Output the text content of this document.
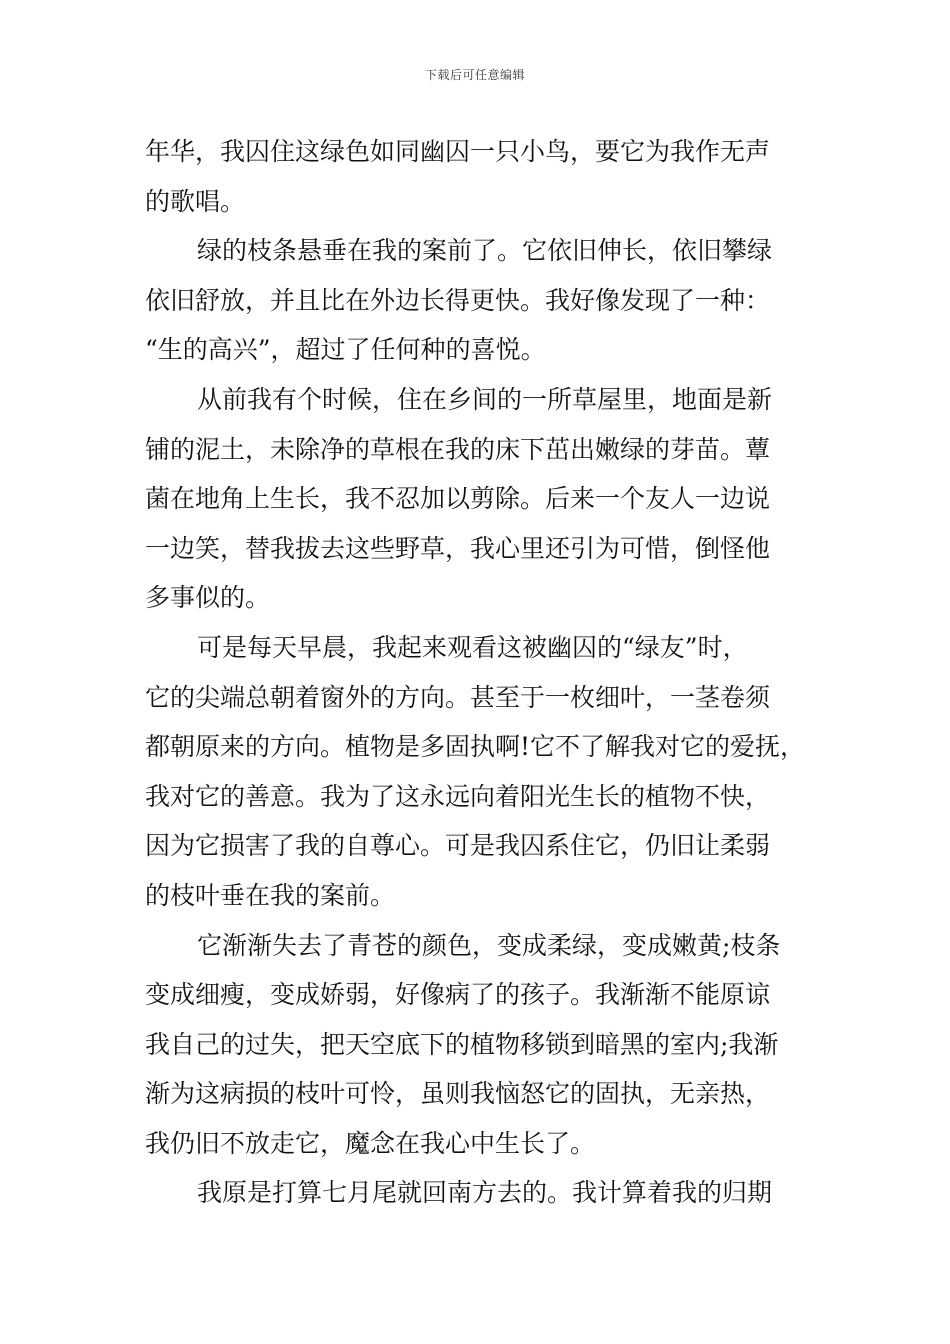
下载后可任意编辑
年华，我囚住这绿色如同幽囚一只小鸟，要它为我作无声
的歌唱。
绿的枝条悬垂在我的案前了。它依旧伸长，依旧攀绿
依旧舒放，并且比在外边长得更快。我好像发现了一种：
“生的高兴”，超过了任何种的喜悦。
从前我有个时候，住在乡间的一所草屋里，地面是新
铺的泥土，未除净的草根在我的床下茁出嫩绿的芽苗。蕈
菌在地角上生长，我不忍加以剪除。后来一个友人一边说
一边笑，替我拔去这些野草，我心里还引为可惜，倒怪他
多事似的。
可是每天早晨，我起来观看这被幽囚的“绿友”时，
它的尖端总朝着窗外的方向。甚至于一枚细叶，一茎卷须
都朝原来的方向。植物是多固执啊!它不了解我对它的爱抚，
我对它的善意。我为了这永远向着阳光生长的植物不快，
因为它损害了我的自尊心。可是我囚系住它，仍旧让柔弱
的枝叶垂在我的案前。
它渐渐失去了青苍的颜色，变成柔绿，变成嫩黄;枝条
变成细瘦，变成娇弱，好像病了的孩子。我渐渐不能原谅
我自己的过失，把天空底下的植物移锁到暗黑的室内;我渐
渐为这病损的枝叶可怜，虽则我恼怒它的固执，无亲热，
我仍旧不放走它，魔念在我心中生长了。
我原是打算七月尾就回南方去的。我计算着我的归期
